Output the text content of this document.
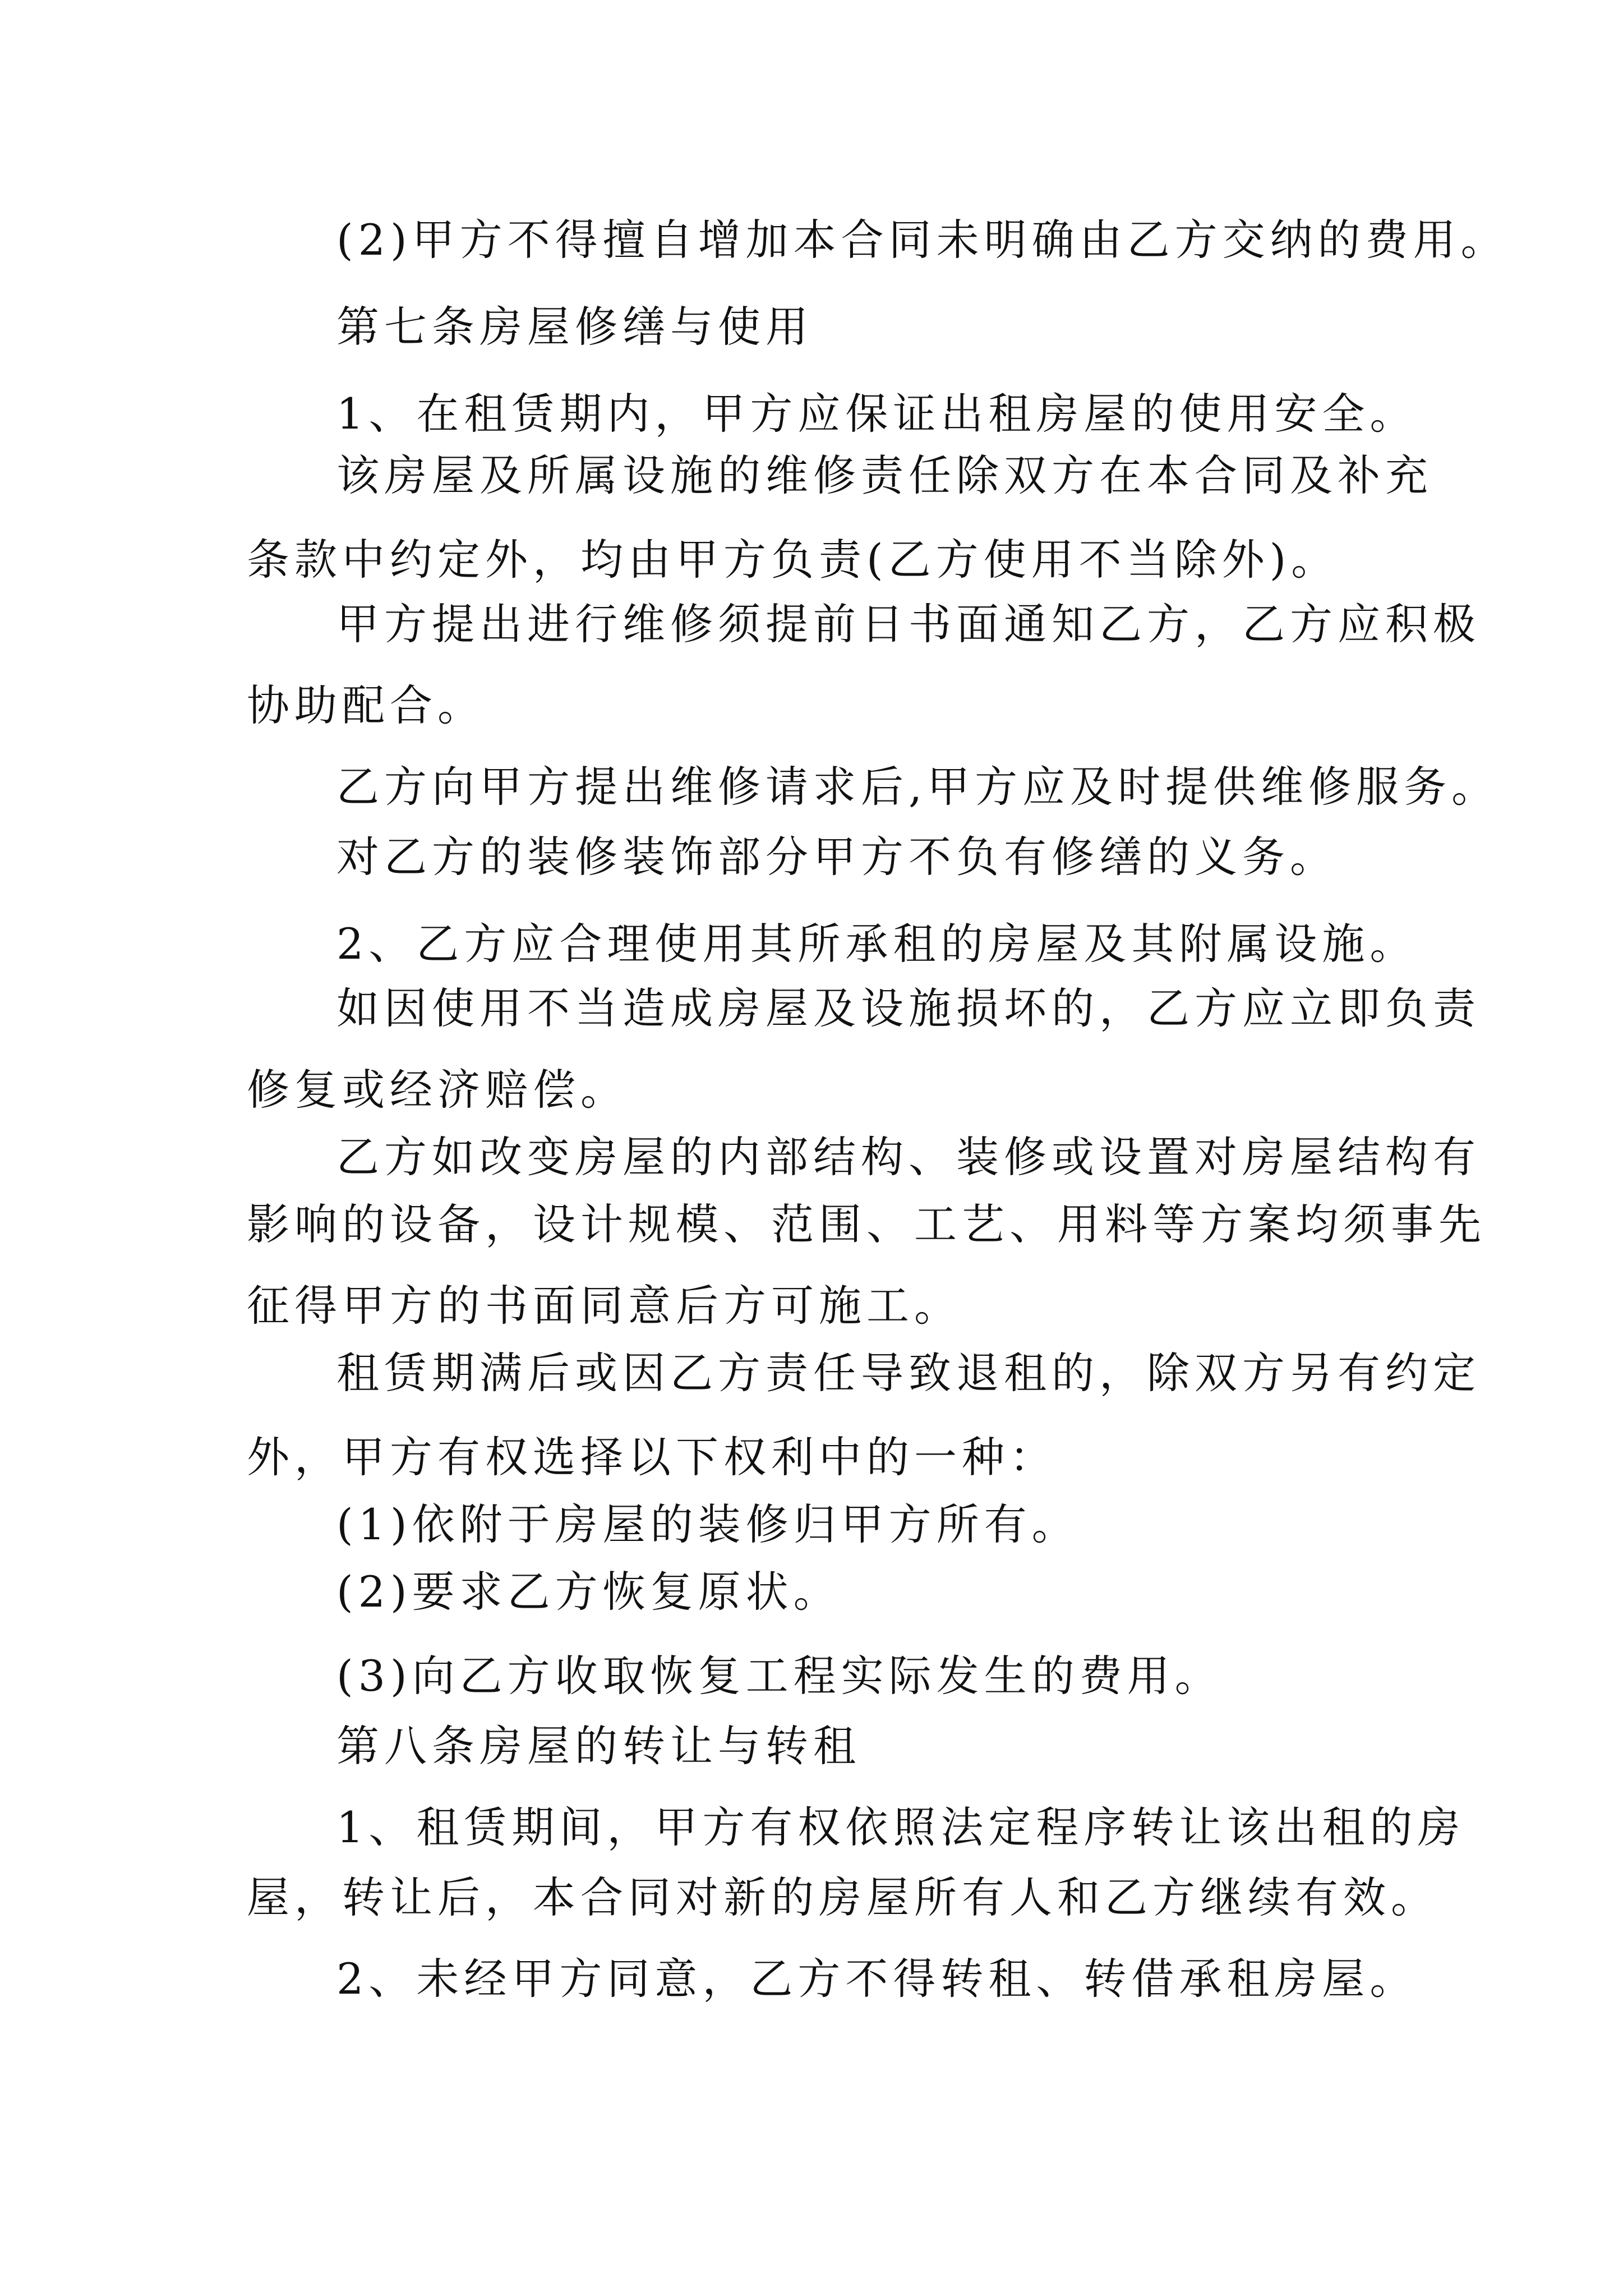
(2)甲方不得擅自增加本合同未明确由乙方交纳的费用。

第七条房屋修缮与使用

1、在租赁期内，甲方应保证出租房屋的使用安全。

该房屋及所属设施的维修责任除双方在本合同及补充

条款中约定外，均由甲方负责(乙方使用不当除外)。

甲方提出进行维修须提前日书面通知乙方，乙方应积极

协助配合。

乙方向甲方提出维修请求后,甲方应及时提供维修服务。

对乙方的装修装饰部分甲方不负有修缮的义务。

2、乙方应合理使用其所承租的房屋及其附属设施。

如因使用不当造成房屋及设施损坏的，乙方应立即负责

修复或经济赔偿。

乙方如改变房屋的内部结构、装修或设置对房屋结构有

影响的设备，设计规模、范围、工艺、用料等方案均须事先

征得甲方的书面同意后方可施工。

租赁期满后或因乙方责任导致退租的，除双方另有约定

外，甲方有权选择以下权利中的一种：

(1)依附于房屋的装修归甲方所有。

(2)要求乙方恢复原状。

(3)向乙方收取恢复工程实际发生的费用。

第八条房屋的转让与转租

1、租赁期间，甲方有权依照法定程序转让该出租的房

屋，转让后，本合同对新的房屋所有人和乙方继续有效。

2、未经甲方同意，乙方不得转租、转借承租房屋。
